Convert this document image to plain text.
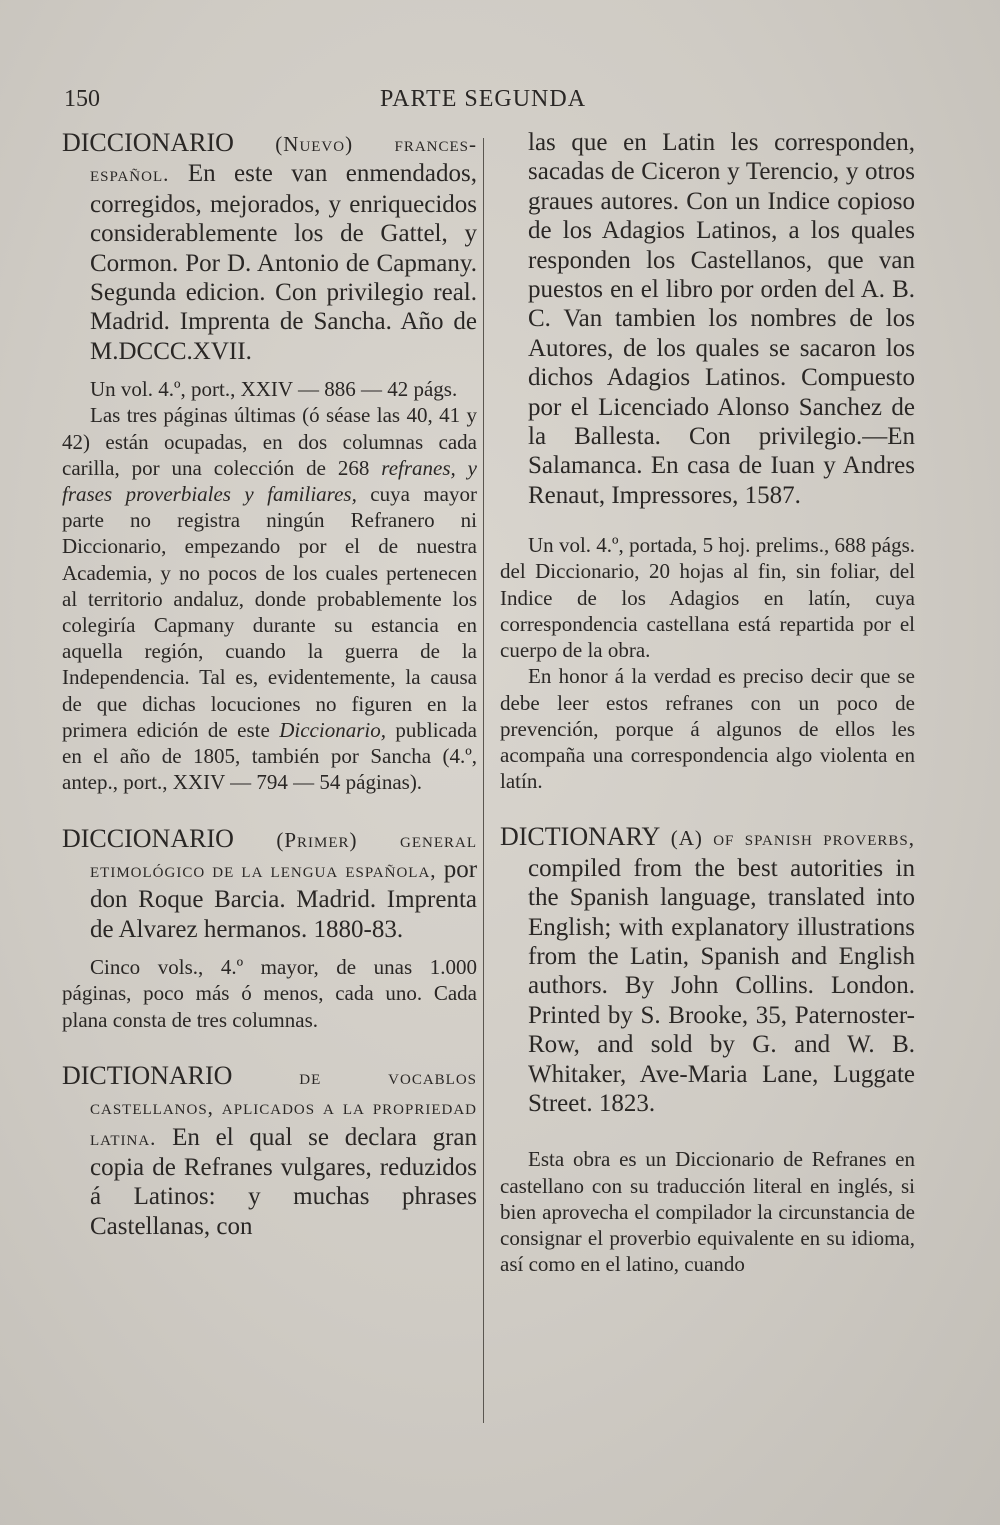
150	PARTE SEGUNDA

DICCIONARIO (Nuevo) frances-español. En este van enmendados, corregidos, mejorados, y enriquecidos considerablemente los de Gattel, y Cormon. Por D. Antonio de Capmany. Segunda edicion. Con privilegio real. Madrid. Imprenta de Sancha. Año de M.DCCC.XVII.

Un vol. 4.º, port., XXIV — 886 — 42 págs.

Las tres páginas últimas (ó séase las 40, 41 y 42) están ocupadas, en dos columnas cada carilla, por una colección de 268 refranes, y frases proverbiales y familiares, cuya mayor parte no registra ningún Refranero ni Diccionario, empezando por el de nuestra Academia, y no pocos de los cuales pertenecen al territorio andaluz, donde probablemente los colegiría Capmany durante su estancia en aquella región, cuando la guerra de la Independencia. Tal es, evidentemente, la causa de que dichas locuciones no figuren en la primera edición de este Diccionario, publicada en el año de 1805, también por Sancha (4.º, antep., port., XXIV — 794 — 54 páginas).

DICCIONARIO (Primer) general etimológico de la lengua española, por don Roque Barcia. Madrid. Imprenta de Alvarez hermanos. 1880-83.

Cinco vols., 4.º mayor, de unas 1.000 páginas, poco más ó menos, cada uno. Cada plana consta de tres columnas.

DICTIONARIO	de vocablos castellanos, aplicados a la propriedad latina. En el qual se declara gran copia de Refranes vulgares, reduzidos á Latinos: y muchas phrases Castellanas, con

las que en Latin les corresponden, sacadas de Ciceron y Terencio, y otros graues autores. Con un Indice copioso de los Adagios Latinos, a los quales responden los Castellanos, que van puestos en el libro por orden del A. B. C. Van tambien los nombres de los Autores, de los quales se sacaron los dichos Adagios Latinos. Compuesto por el Licenciado Alonso Sanchez de la Ballesta. Con privilegio.—En Salamanca. En casa de Iuan y Andres Renaut, Impressores, 1587.

Un vol. 4.º, portada, 5 hoj. prelims., 688 págs. del Diccionario, 20 hojas al fin, sin foliar, del Indice de los Adagios en latín, cuya correspondencia castellana está repartida por el cuerpo de la obra.

En honor á la verdad es preciso decir que se debe leer estos refranes con un poco de prevención, porque á algunos de ellos les acompaña una correspondencia algo violenta en latín.

DICTIONARY (A) of spanish proverbs, compiled from the best autorities in the Spanish language, translated into English; with explanatory illustrations from the Latin, Spanish and English authors. By John Collins. London. Printed by S. Brooke, 35, Paternoster-Row, and sold by G. and W. B. Whitaker, Ave-Maria Lane, Luggate Street. 1823.

Esta obra es un Diccionario de Refranes en castellano con su traducción literal en inglés, si bien aprovecha el compilador la circunstancia de consignar el proverbio equivalente en su idioma, así como en el latino, cuando
